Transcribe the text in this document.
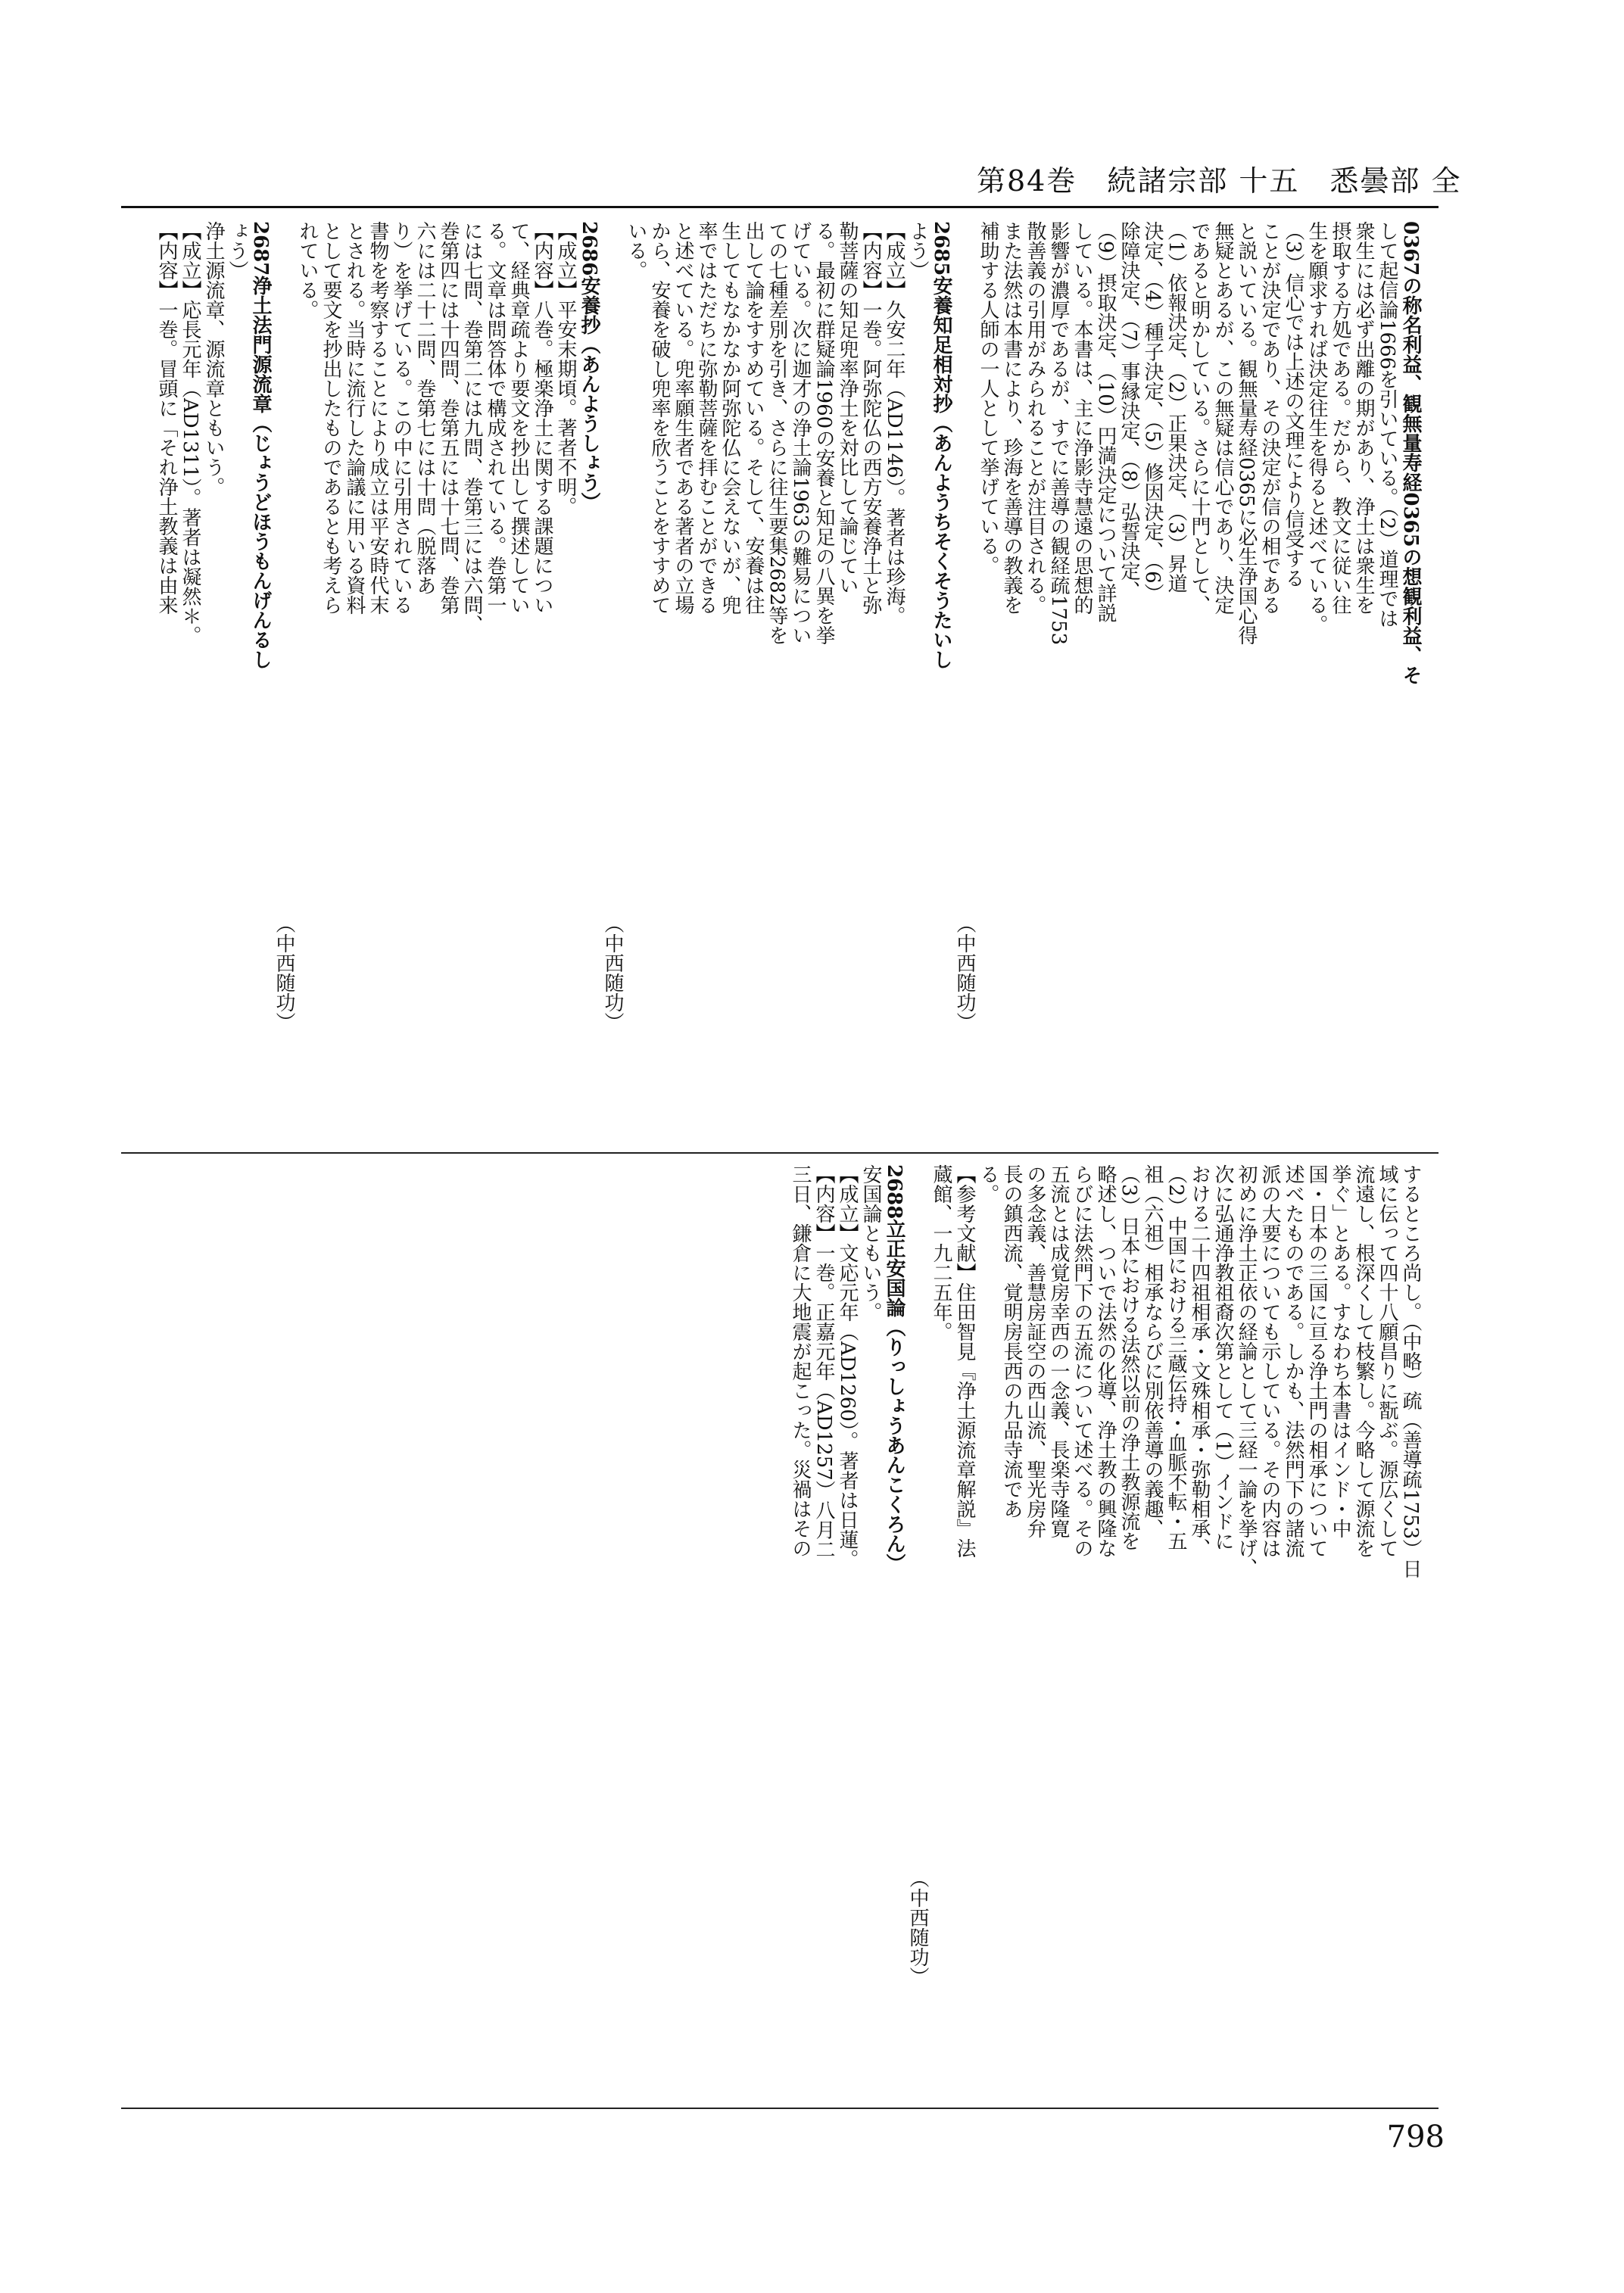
第84巻　続諸宗部 十五　悉曇部 全
0367の称名利益、観無量寿経0365の想観利益、そ
して起信論1666を引いている。（2）道理では
衆生には必ず出離の期があり、浄土は衆生を
摂取する方処である。だから、教文に従い往
生を願求すれば決定往生を得ると述べている。
（3）信心では上述の文理により信受する
ことが決定であり、その決定が信の相である
と説いている。観無量寿経0365に必生浄国心得
無疑とあるが、この無疑は信心であり、決定
であると明かしている。さらに十門として、
（1）依報決定、（2）正果決定、（3）昇道
決定、（4）種子決定、（5）修因決定、（6）
除障決定、（7）事縁決定、（8）弘誓決定、
（9）摂取決定、（10）円満決定について詳説
している。本書は、主に浄影寺慧遠の思想的
影響が濃厚であるが、すでに善導の観経疏1753
散善義の引用がみられることが注目される。
また法然は本書により、珍海を善導の教義を
補助する人師の一人として挙げている。
（中西随功）
2685安養知足相対抄（あんようちそくそうたいし
よう）
【成立】久安二年（AD1146）。著者は珍海。
【内容】一巻。阿弥陀仏の西方安養浄土と弥
勒菩薩の知足兜率浄土を対比して論じてい
る。最初に群疑論1960の安養と知足の八異を挙
げている。次に迦才の浄土論1963の難易につい
ての七種差別を引き、さらに往生要集2682等を
出して論をすすめている。そして、安養は往
生してもなかなか阿弥陀仏に会えないが、兜
率ではただちに弥勒菩薩を拝むことができる
と述べている。兜率願生者である著者の立場
から、安養を破し兜率を欣うことをすすめて
いる。
（中西随功）
2686安養抄（あんようしょう）
【成立】平安末期頃。著者不明。
【内容】八巻。極楽浄土に関する課題につい
て、経典章疏より要文を抄出して撰述してい
る。文章は問答体で構成されている。巻第一
には七問、巻第二には九問、巻第三には六問、
巻第四には十四問、巻第五には十七問、巻第
六には二十二問、巻第七には十問（脱落あ
り）を挙げている。この中に引用されている
書物を考察することにより成立は平安時代末
とされる。当時に流行した論議に用いる資料
として要文を抄出したものであるとも考えら
れている。
（中西随功）
2687浄土法門源流章（じょうどほうもんげんるし
ょう）
浄土源流章、源流章ともいう。
【成立】応長元年（AD1311）。著者は凝然＊。
【内容】一巻。冒頭に「それ浄土教義は由来
するところ尚し。（中略）疏（善導疏1753）日
域に伝って四十八願昌りに翫ぶ。源広くして
流遠し、根深くして枝繁し。今略して源流を
挙ぐ」とある。すなわち本書はインド・中
国・日本の三国に亘る浄土門の相承について
述べたものである。しかも、法然門下の諸流
派の大要についても示している。その内容は
初めに浄土正依の経論として三経一論を挙げ、
次に弘通浄教祖裔次第として（1）インドに
おける二十四祖相承・文殊相承・弥勒相承、
（2）中国における三蔵伝持・血脈不転・五
祖（六祖）相承ならびに別依善導の義趣、
（3）日本における法然以前の浄土教源流を
略述し、ついで法然の化導、浄土教の興隆な
らびに法然門下の五流について述べる。その
五流とは成覚房幸西の一念義、長楽寺隆寛
の多念義、善慧房証空の西山流、聖光房弁
長の鎮西流、覚明房長西の九品寺流であ
る。
【参考文献】住田智見『浄土源流章解説』法
蔵館、一九二五年。
（中西随功）
2688立正安国論（りっしょうあんこくろん）
安国論ともいう。
【成立】文応元年（AD1260）。著者は日蓮。
【内容】一巻。正嘉元年（AD1257）八月二
三日、鎌倉に大地震が起こった。災禍はその
798
